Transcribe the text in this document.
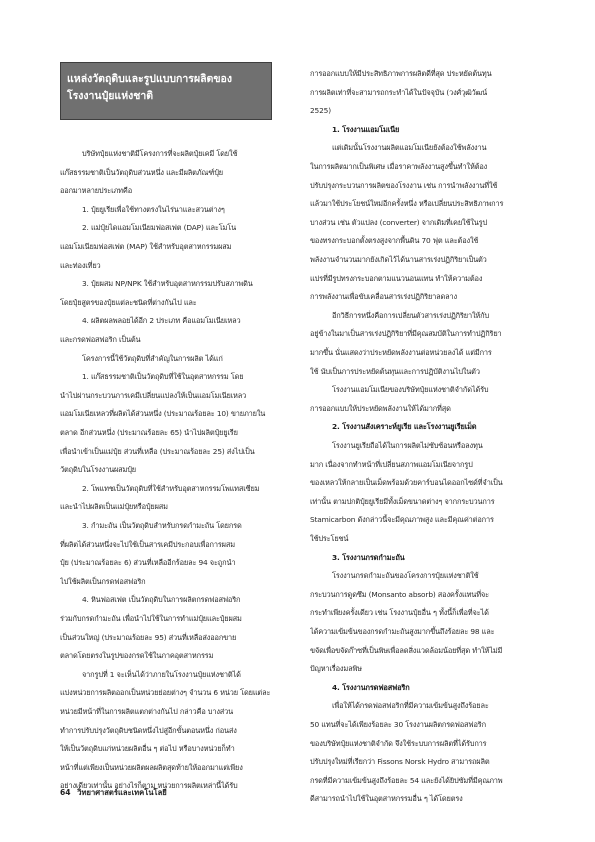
แหล่งวัตถุดิบและรูปแบบการผลิตของ
โรงงานปุ๋ยแห่งชาติ
บริษัทปุ๋ยแห่งชาติมีโครงการที่จะผลิตปุ๋ยเคมี โดยใช้
แก๊สธรรมชาติเป็นวัตถุดิบส่วนหนึ่ง และมีผลิตภัณฑ์ปุ๋ย
ออกมาหลายประเภทคือ
1. ปุ๋ยยูเรียเพื่อใช้ทางตรงในไร่นาและสวนต่างๆ
2. แม่ปุ๋ยไดแอมโมเนียมฟอสเฟต (DAP) และโมโน
แอมโมเนียมฟอสเฟต (MAP) ใช้สำหรับอุตสาหกรรมผสม
และท่องเที่ยว
3. ปุ๋ยผสม NP/NPK ใช้สำหรับอุตสาหกรรมปรับสภาพดิน
โดยปุ๋ยสูตรของปุ๋ยแต่ละชนิดที่ต่างกันไป และ
4. ผลิตผลพลอยได้อีก 2 ประเภท คือแอมโมเนียเหลว
และกรดฟอสฟอริก เป็นต้น
โครงการนี้ใช้วัตถุดิบที่สำคัญในการผลิต ได้แก่
1. แก๊สธรรมชาติเป็นวัตถุดิบที่ใช้ในอุตสาหกรรม โดย
นำไปผ่านกระบวนการเคมีเปลี่ยนแปลงให้เป็นแอมโมเนียเหลว
แอมโมเนียเหลวที่ผลิตได้ส่วนหนึ่ง (ประมาณร้อยละ 10) ขายภายใน
ตลาด อีกส่วนหนึ่ง (ประมาณร้อยละ 65) นำไปผลิตปุ๋ยยูเรีย
เพื่อนำเข้าเป็นแม่ปุ๋ย ส่วนที่เหลือ (ประมาณร้อยละ 25) ส่งไปเป็น
วัตถุดิบในโรงงานผสมปุ๋ย
2. โพแทชเป็นวัตถุดิบที่ใช้สำหรับอุตสาหกรรมโพแทสเซียม
และนำไปผลิตเป็นแม่ปุ๋ยหรือปุ๋ยผสม
3. กำมะถัน เป็นวัตถุดิบสำหรับกรดกำมะถัน โดยกรด
ที่ผลิตได้ส่วนหนึ่งจะไปใช้เป็นสารเคมีประกอบเพื่อการผสม
ปุ๋ย (ประมาณร้อยละ 6) ส่วนที่เหลืออีกร้อยละ 94 จะถูกนำ
ไปใช้ผลิตเป็นกรดฟอสฟอริก
4. หินฟอสเฟต เป็นวัตถุดิบในการผลิตกรดฟอสฟอริก
ร่วมกับกรดกำมะถัน เพื่อนำไปใช้ในการทำแม่ปุ๋ยและปุ๋ยผสม
เป็นส่วนใหญ่ (ประมาณร้อยละ 95) ส่วนที่เหลือส่งออกขาย
ตลาดโดยตรงในรูปของกรดใช้ในภาคอุตสาหกรรม
จากรูปที่ 1 จะเห็นได้ว่าภายในโรงงานปุ๋ยแห่งชาติได้
แบ่งหน่วยการผลิตออกเป็นหน่วยย่อยต่างๆ จำนวน 6 หน่วย โดยแต่ละ
หน่วยมีหน้าที่ในการผลิตแตกต่างกันไป กล่าวคือ บางส่วน
ทำการปรับปรุงวัตถุดิบชนิดหนึ่งไปสู่อีกขั้นตอนหนึ่ง ก่อนส่ง
ให้เป็นวัตถุดิบแก่หน่วยผลิตอื่น ๆ ต่อไป หรือบางหน่วยก็ทำ
หน้าที่แต่เพียงเป็นหน่วยผลิตผลผลิตสุดท้ายให้ออกมาแต่เพียง
อย่างเดียวเท่านั้น อย่างไรก็ตาม หน่วยการผลิตเหล่านี้ได้รับ
การออกแบบให้มีประสิทธิภาพการผลิตดีที่สุด ประหยัดต้นทุน
การผลิตเท่าที่จะสามารถกระทำได้ในปัจจุบัน (วงศ์วุฒิวัฒน์
2525)
1. โรงงานแอมโมเนีย
แต่เดิมนั้นโรงงานผลิตแอมโมเนียยังต้องใช้พลังงาน
ในการผลิตมากเป็นพิเศษ เมื่อราคาพลังงานสูงขึ้นทำให้ต้อง
ปรับปรุงกระบวนการผลิตของโรงงาน เช่น การนำพลังงานที่ใช้
แล้วมาใช้ประโยชน์ใหม่อีกครั้งหนึ่ง หรือเปลี่ยนประสิทธิภาพการ
บางส่วน เช่น ตัวแปลง (converter) จากเดิมที่เคยใช้ในรูป
ของทรงกระบอกตั้งตรงสูงจากพื้นดิน 70 ฟุต และต้องใช้
พลังงานจำนวนมากยังเกิดไว้ได้นานสารเร่งปฏิกิริยาเป็นตัว
แปรที่มีรูปทรงกระบอกตามแนวนอนแทน ทำให้ความต้อง
การพลังงานเพื่อขับเคลื่อนสารเร่งปฏิกิริยาลดลาง
อีกวิธีการหนึ่งคือการเปลี่ยนตัวสารเร่งปฏิกิริยาให้กับ
อยู่ข้างในมาเป็นสารเร่งปฏิกิริยาที่มีคุณสมบัติในการทำปฏิกิริยา
มากขึ้น นั่นแสดงว่าประหยัดพลังงานต่อหน่วยลงได้ แต่มีการ
ใช้ นับเป็นการประหยัดต้นทุนและการปฏิบัติงานไปในตัว
โรงงานแอมโมเนียของบริษัทปุ๋ยแห่งชาติจำกัดได้รับ
การออกแบบให้ประหยัดพลังงานให้ได้มากที่สุด
2. โรงงานสังเคราะห์ยูเรีย และโรงงานยูเรียเม็ด
โรงงานยูเรียถือได้ในการผลิตไม่ซับซ้อนหรือลงทุน
มาก เนื่องจากทำหน้าที่เปลี่ยนสภาพแอมโมเนียจากรูป
ของเหลวให้กลายเป็นเม็ดพร้อมด้วยคาร์บอนไดออกไซด์ที่จำเป็น
เท่านั้น ตามปกติปุ๋ยยูเรียมีทั้งเม็ดขนาดต่างๆ จากกระบวนการ
Stamicarbon ดังกล่าวนี้จะมีคุณภาพสูง และมีคุณค่าต่อการ
ใช้ประโยชน์
3. โรงงานกรดกำมะถัน
โรงงานกรดกำมะถันของโครงการปุ๋ยแห่งชาติใช้
กระบวนการดูดซึม (Monsanto absorb) สองครั้งแทนที่จะ
กระทำเพียงครั้งเดียว เช่น โรงงานปุ๋ยอื่น ๆ ทั้งนี้ก็เพื่อที่จะได้
ได้ความเข้มข้นของกรดกำมะถันสูงมากขึ้นถึงร้อยละ 98 และ
ขจัดเพื่อขจัดก๊าซที่เป็นพิษเพื่อลดสิ่งแวดล้อมน้อยที่สุด ทำให้ไม่มี
ปัญหาเรื่องมลพิษ
4. โรงงานกรดฟอสฟอริก
เพื่อให้ได้กรดฟอสฟอริกที่มีความเข้มข้นสูงถึงร้อยละ
50 แทนที่จะได้เพียงร้อยละ 30 โรงงานผลิตกรดฟอสฟอริก
ของบริษัทปุ๋ยแห่งชาติจำกัด จึงใช้ระบบการผลิตที่ได้รับการ
ปรับปรุงใหม่ที่เรียกว่า Fissons Norsk Hydro สามารถผลิต
กรดที่มีความเข้มข้นสูงถึงร้อยละ 54 และยังได้ยิปซัมที่มีคุณภาพ
ดีสามารถนำไปใช้ในอุตสาหกรรมอื่น ๆ ได้โดยตรง
64 วิทยาศาสตร์และเทคโนโลยี
